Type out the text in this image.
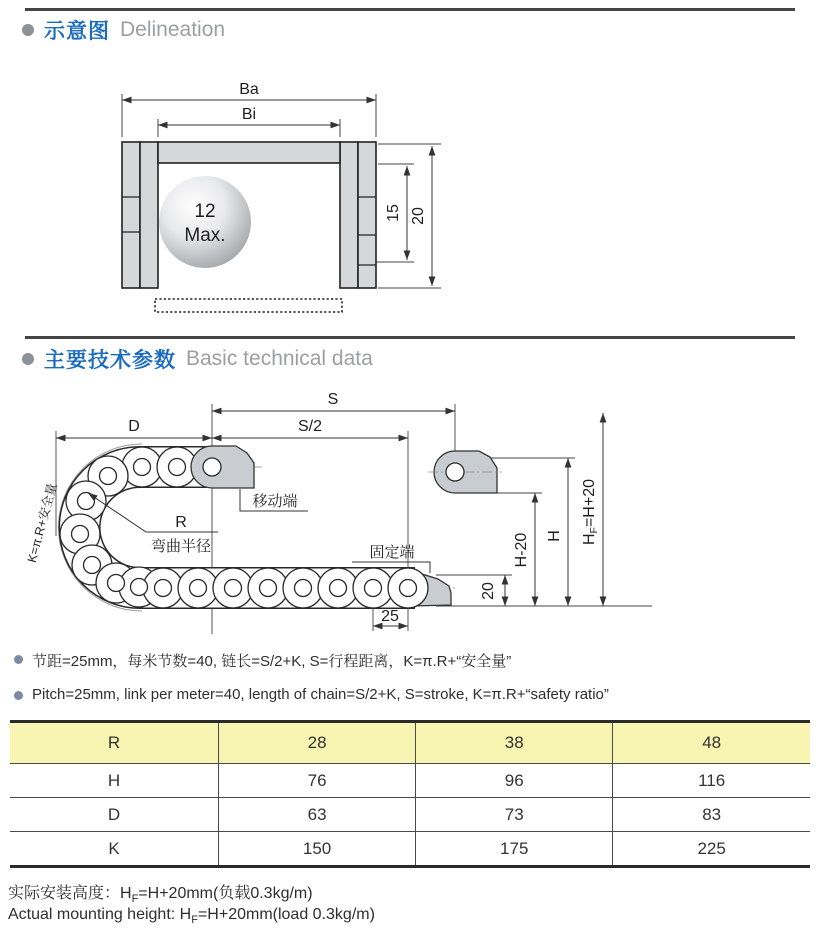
示意图 Delineation
Ba
Bi
12
Max.
15 20
主要技术参数 Basic technical data
S
D	S/2
H-20 H HF=H+20
20
25
R
弯曲半径
K=π.R+安全量	移动端
固定端
节距=25mm，每米节数=40, 链长=S/2+K, S=行程距离，K=π.R+“安全量”
Pitch=25mm, link per meter=40, length of chain=S/2+K, S=stroke, K=π.R+“safety ratio”
R	28	38	48
H	76	96	116
D	63	73	83
K	150	175	225
实际安装高度：$H_F=H+20mm$(负载0.3kg/m)
Actual mounting height: $H_F=H+20mm(load$ 0.3kg/m)
